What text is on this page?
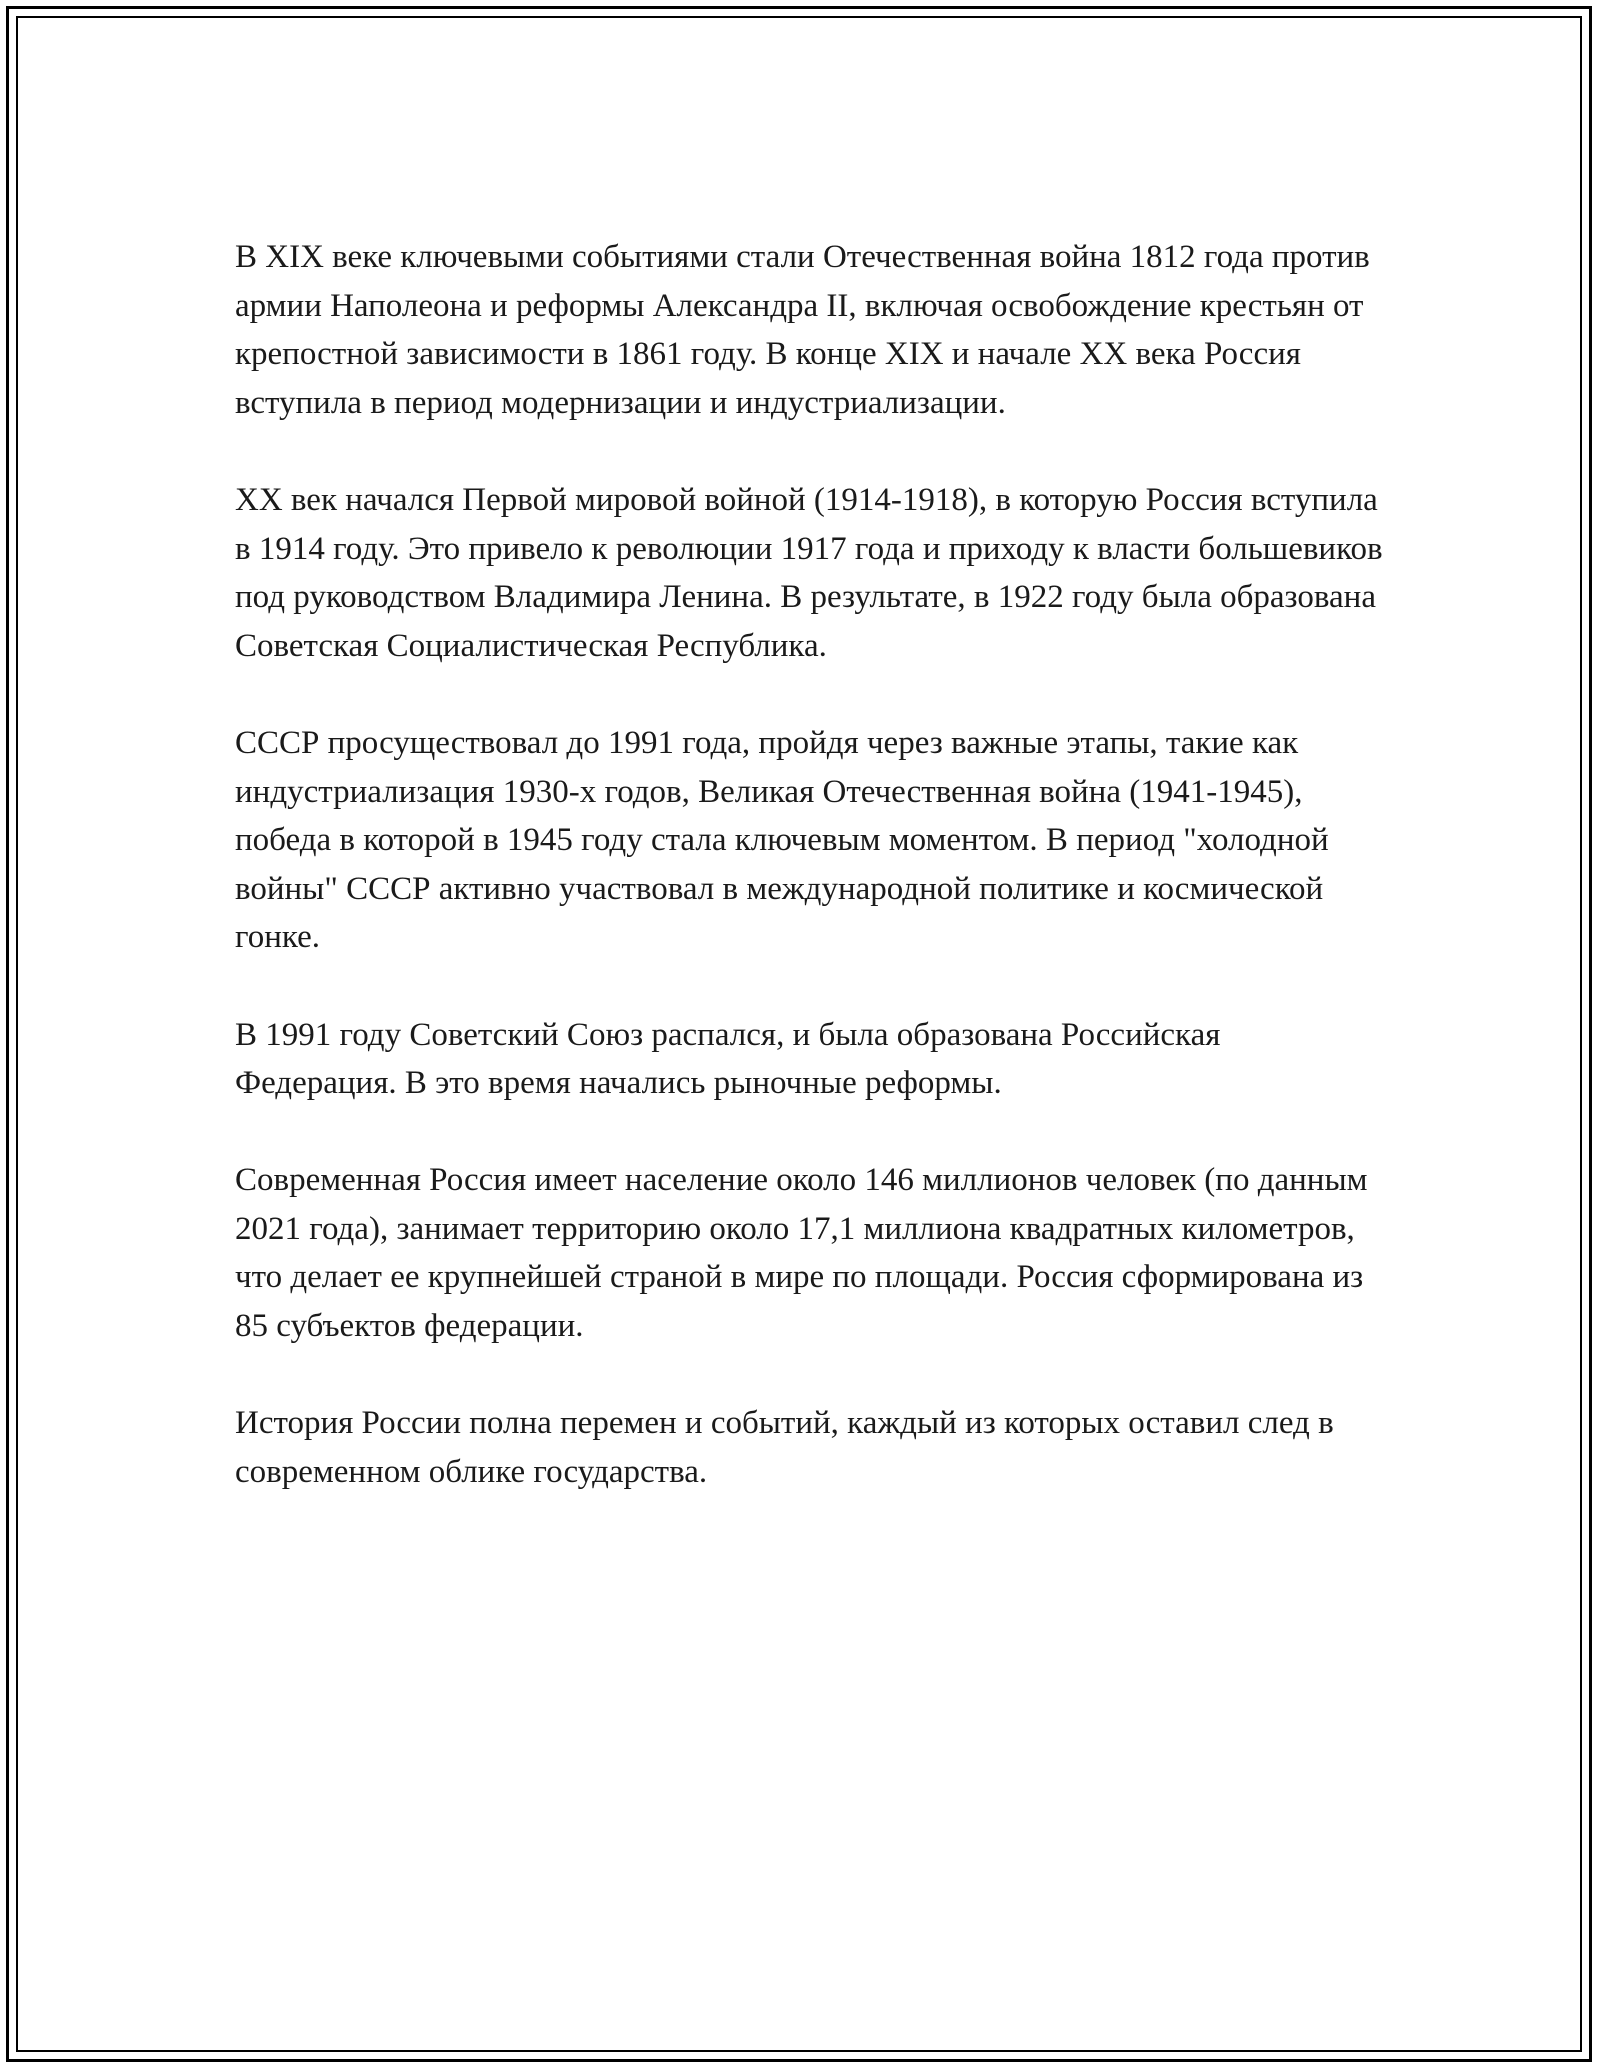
В XIX веке ключевыми событиями стали Отечественная война 1812 года против армии Наполеона и реформы Александра II, включая освобождение крестьян от крепостной зависимости в 1861 году. В конце XIX и начале XX века Россия вступила в период модернизации и индустриализации.

XX век начался Первой мировой войной (1914-1918), в которую Россия вступила в 1914 году. Это привело к революции 1917 года и приходу к власти большевиков под руководством Владимира Ленина. В результате, в 1922 году была образована Советская Социалистическая Республика.

СССР просуществовал до 1991 года, пройдя через важные этапы, такие как индустриализация 1930-х годов, Великая Отечественная война (1941-1945), победа в которой в 1945 году стала ключевым моментом. В период "холодной войны" СССР активно участвовал в международной политике и космической гонке.

В 1991 году Советский Союз распался, и была образована Российская Федерация. В это время начались рыночные реформы.

Современная Россия имеет население около 146 миллионов человек (по данным 2021 года), занимает территорию около 17,1 миллиона квадратных километров, что делает ее крупнейшей страной в мире по площади. Россия сформирована из 85 субъектов федерации.

История России полна перемен и событий, каждый из которых оставил след в современном облике государства.
